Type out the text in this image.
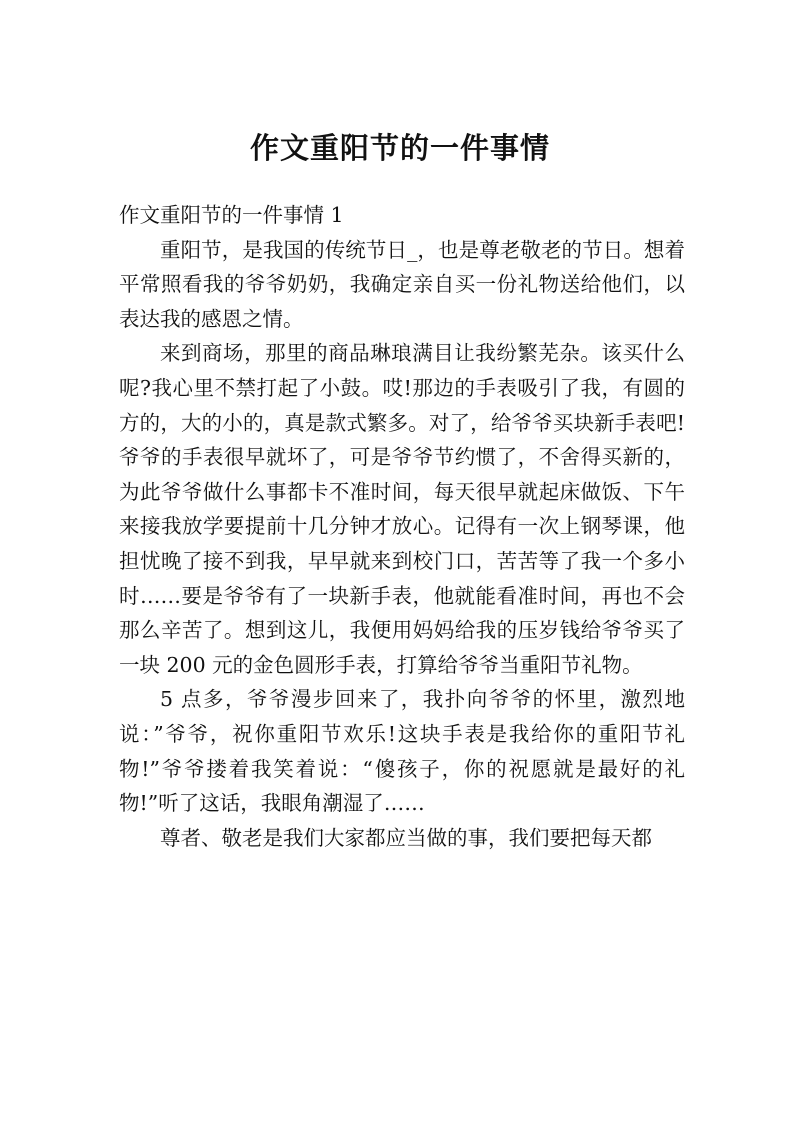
作文重阳节的一件事情

作文重阳节的一件事情 1

重阳节，是我国的传统节日_，也是尊老敬老的节日。想着平常照看我的爷爷奶奶，我确定亲自买一份礼物送给他们，以表达我的感恩之情。

来到商场，那里的商品琳琅满目让我纷繁芜杂。该买什么呢?我心里不禁打起了小鼓。哎!那边的手表吸引了我，有圆的方的，大的小的，真是款式繁多。对了，给爷爷买块新手表吧!爷爷的手表很早就坏了，可是爷爷节约惯了，不舍得买新的，为此爷爷做什么事都卡不准时间，每天很早就起床做饭、下午来接我放学要提前十几分钟才放心。记得有一次上钢琴课，他担忧晚了接不到我，早早就来到校门口，苦苦等了我一个多小时……要是爷爷有了一块新手表，他就能看准时间，再也不会那么辛苦了。想到这儿，我便用妈妈给我的压岁钱给爷爷买了一块 200 元的金色圆形手表，打算给爷爷当重阳节礼物。

5 点多，爷爷漫步回来了，我扑向爷爷的怀里，激烈地说：”爷爷，祝你重阳节欢乐!这块手表是我给你的重阳节礼物!”爷爷搂着我笑着说：“傻孩子，你的祝愿就是最好的礼物!”听了这话，我眼角潮湿了……

尊者、敬老是我们大家都应当做的事，我们要把每天都
